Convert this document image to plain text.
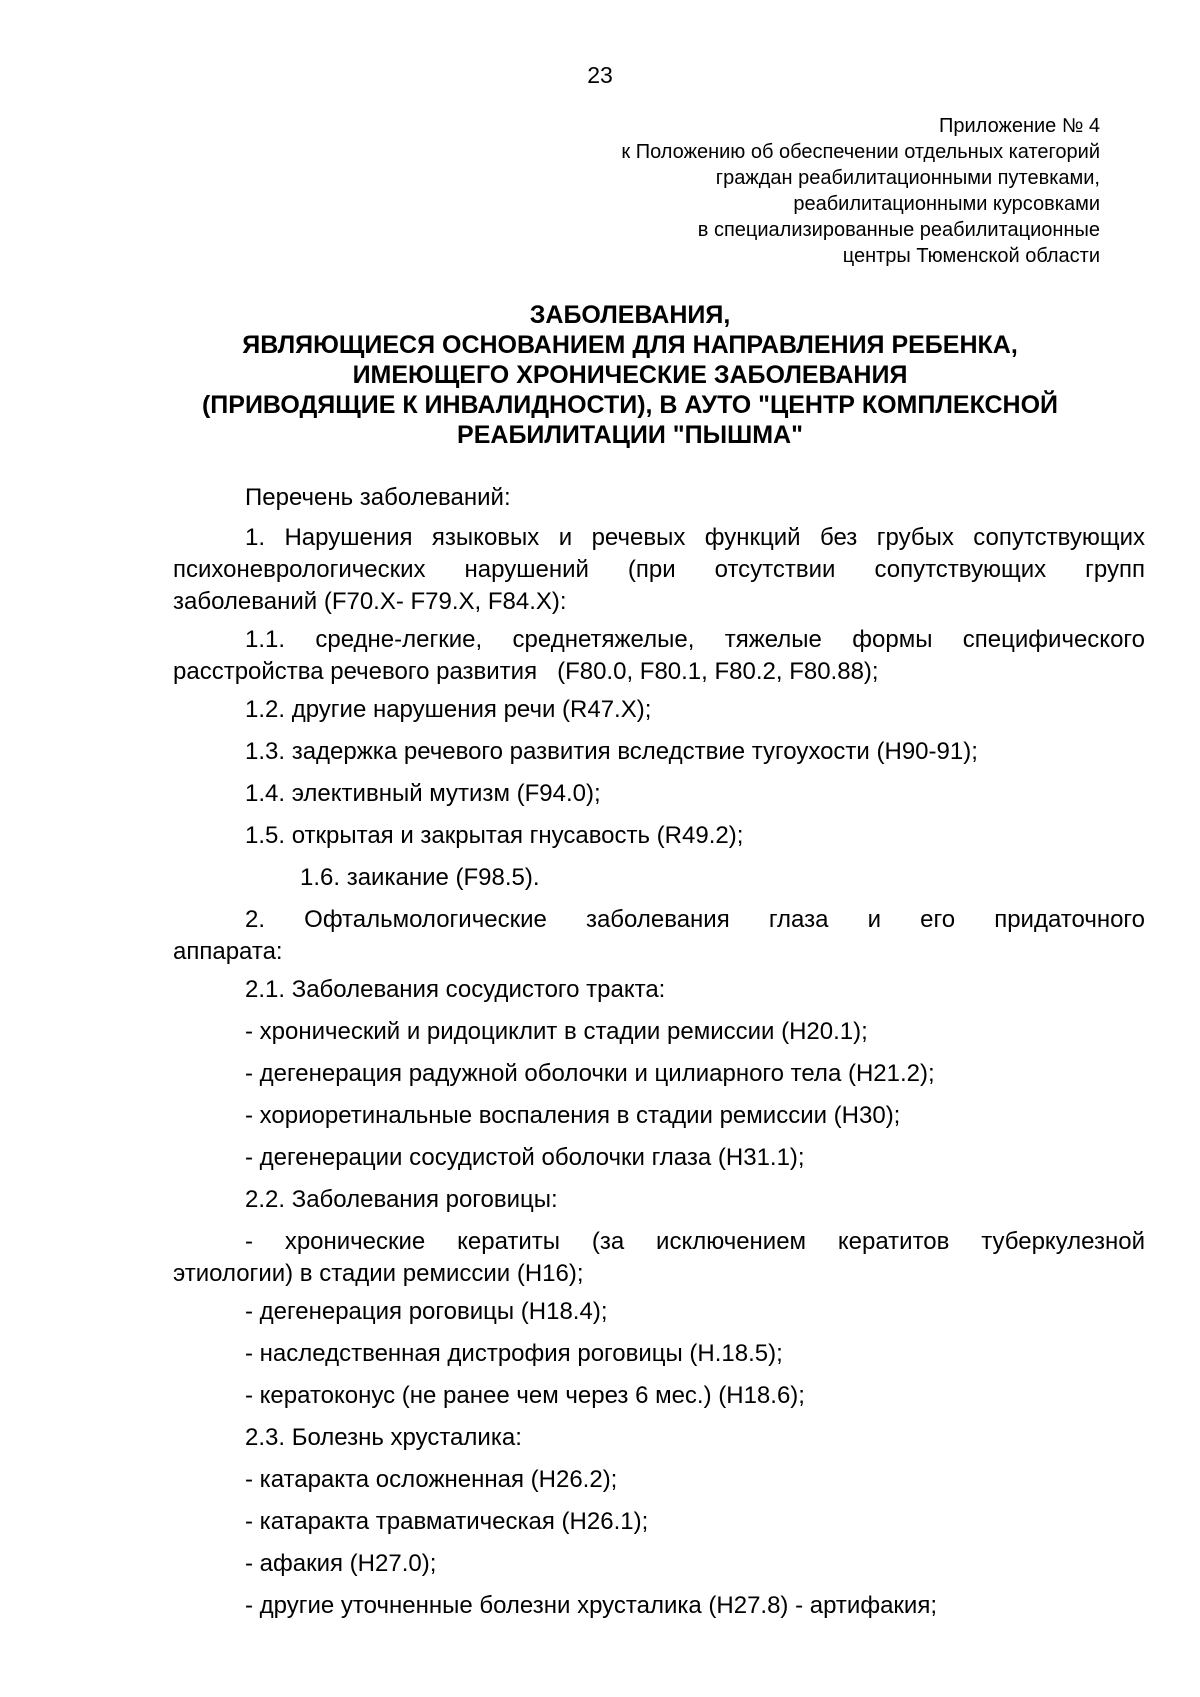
23
Приложение № 4
к Положению об обеспечении отдельных категорий
граждан реабилитационными путевками,
реабилитационными курсовками
в специализированные реабилитационные
центры Тюменской области
ЗАБОЛЕВАНИЯ,
ЯВЛЯЮЩИЕСЯ ОСНОВАНИЕМ ДЛЯ НАПРАВЛЕНИЯ РЕБЕНКА,
ИМЕЮЩЕГО ХРОНИЧЕСКИЕ ЗАБОЛЕВАНИЯ
(ПРИВОДЯЩИЕ К ИНВАЛИДНОСТИ), В АУТО "ЦЕНТР КОМПЛЕКСНОЙ
РЕАБИЛИТАЦИИ "ПЫШМА"
Перечень заболеваний:
1. Нарушения языковых и речевых функций без грубых сопутствующих
психоневрологических нарушений (при отсутствии сопутствующих групп
заболеваний (F70.X- F79.X, F84.X):
1.1. средне-легкие, среднетяжелые, тяжелые формы специфического
расстройства речевого развития   (F80.0, F80.1, F80.2, F80.88);
1.2. другие нарушения речи (R47.X);
1.3. задержка речевого развития вследствие тугоухости (H90-91);
1.4. элективный мутизм (F94.0);
1.5. открытая и закрытая гнусавость (R49.2);
1.6. заикание (F98.5).
2. Офтальмологические заболевания глаза и его придаточного
аппарата:
2.1. Заболевания сосудистого тракта:
- хронический и ридоциклит в стадии ремиссии (H20.1);
- дегенерация радужной оболочки и цилиарного тела (H21.2);
- хориоретинальные воспаления в стадии ремиссии (H30);
- дегенерации сосудистой оболочки глаза (H31.1);
2.2. Заболевания роговицы:
- хронические кератиты (за исключением кератитов туберкулезной
этиологии) в стадии ремиссии (H16);
- дегенерация роговицы (H18.4);
- наследственная дистрофия роговицы (H.18.5);
- кератоконус (не ранее чем через 6 мес.) (H18.6);
2.3. Болезнь хрусталика:
- катаракта осложненная (H26.2);
- катаракта травматическая (H26.1);
- афакия (H27.0);
- другие уточненные болезни хрусталика (H27.8) - артифакия;
